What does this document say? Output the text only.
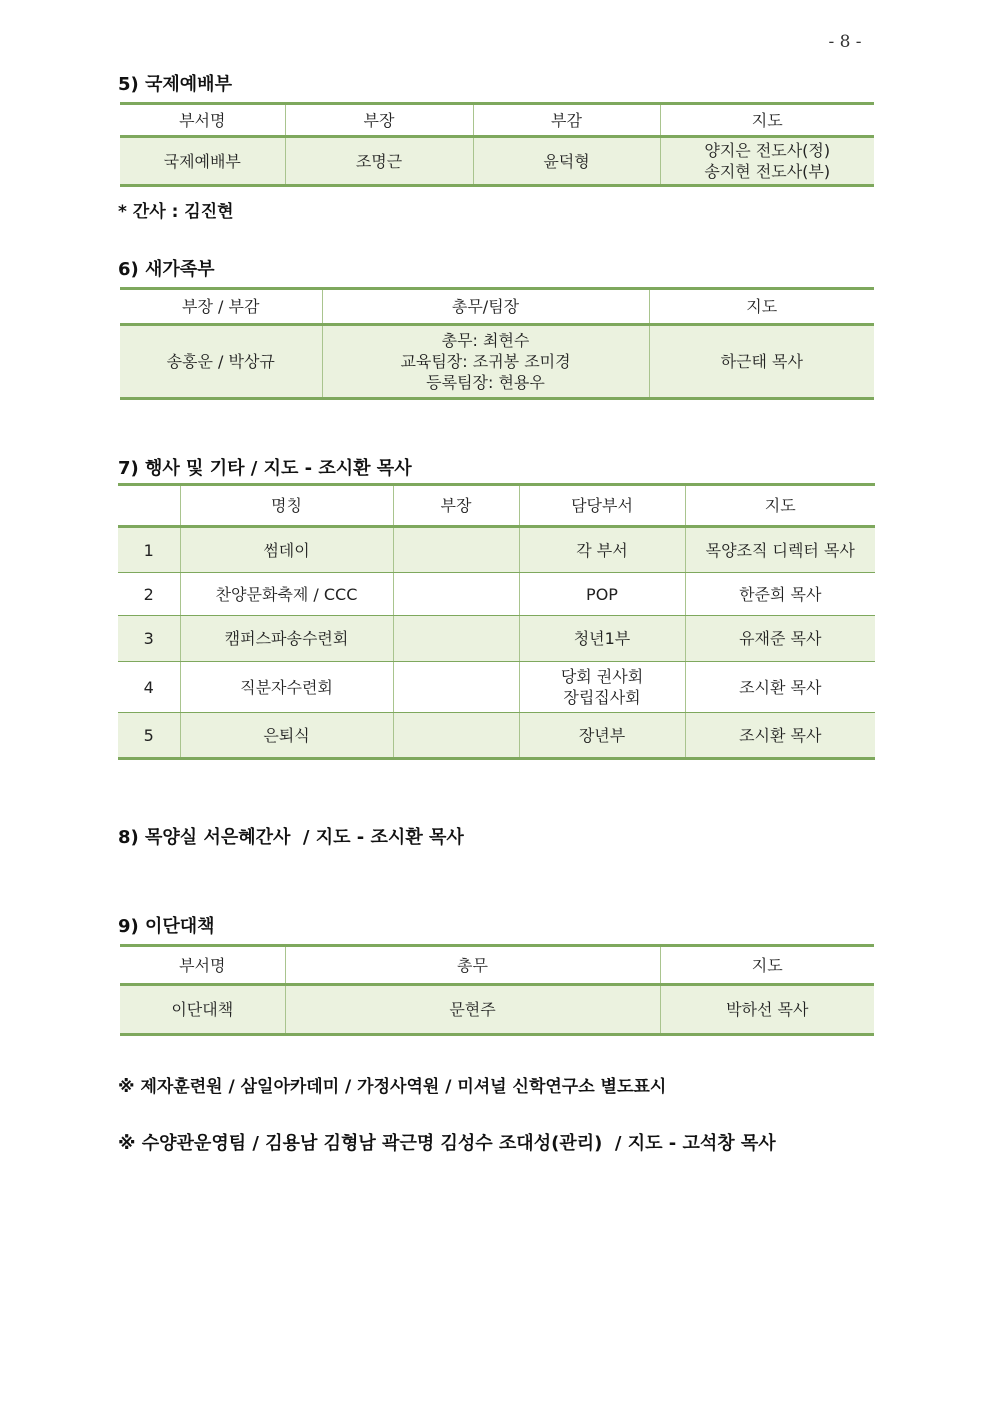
- 8 -
5) 국제예배부
부서명	부장	부감	지도
국제예배부	조명근	윤덕형	양지은 전도사(정)
송지현 전도사(부)
* 간사 : 김진현
6) 새가족부
부장 / 부감	총무/팀장	지도
송홍운 / 박상규	총무: 최현수
교육팀장: 조귀봉 조미경
등록팀장: 현용우	하근태 목사
7) 행사 및 기타 / 지도 - 조시환 목사
	명칭	부장	담당부서	지도
1	썸데이		각 부서	목양조직 디렉터 목사
2	찬양문화축제 / CCC		POP	한준희 목사
3	캠퍼스파송수련회		청년1부	유재준 목사
4	직분자수련회		당회 권사회
장립집사회	조시환 목사
5	은퇴식		장년부	조시환 목사
8) 목양실 서은혜간사  / 지도 - 조시환 목사
9) 이단대책
부서명	총무	지도
이단대책	문현주	박하선 목사
※ 제자훈련원 / 삼일아카데미 / 가정사역원 / 미셔널 신학연구소 별도표시
※ 수양관운영팀 / 김용남 김형남 곽근명 김성수 조대성(관리)  / 지도 - 고석창 목사
